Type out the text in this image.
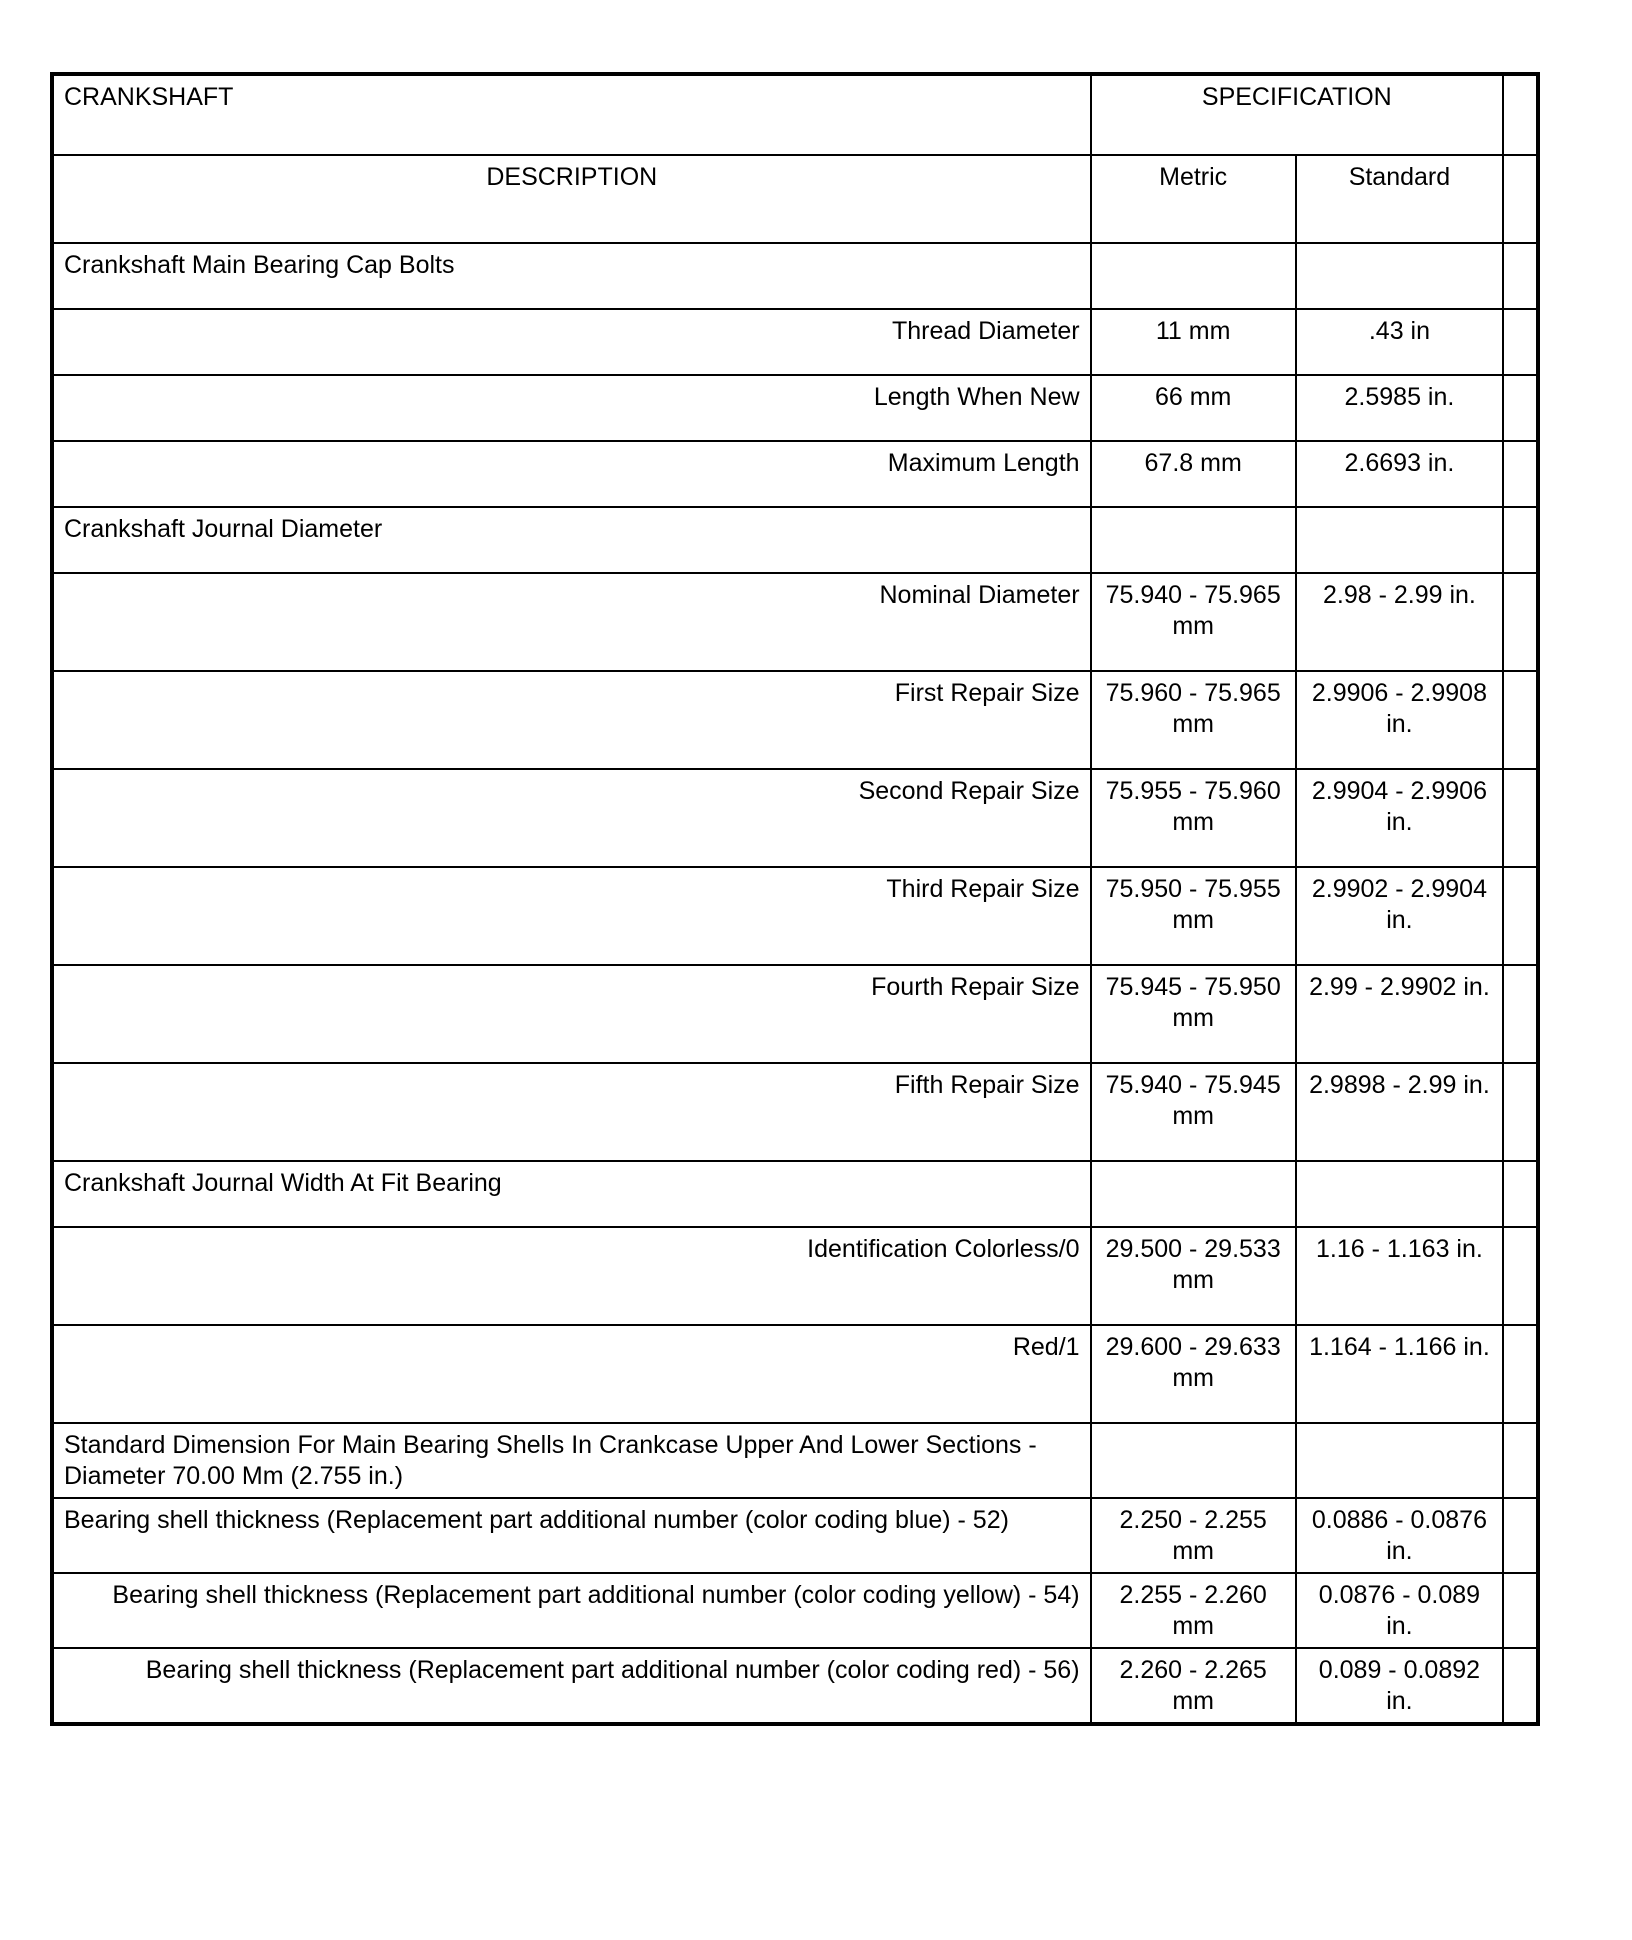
CRANKSHAFT	SPECIFICATION		
DESCRIPTION	Metric	Standard	
Crankshaft Main Bearing Cap Bolts			
Thread Diameter	11 mm	.43 in	
Length When New	66 mm	2.5985 in.	
Maximum Length	67.8 mm	2.6693 in.	
Crankshaft Journal Diameter			
Nominal Diameter	75.940 - 75.965 mm	2.98 - 2.99 in.	
First Repair Size	75.960 - 75.965 mm	2.9906 - 2.9908 in.	
Second Repair Size	75.955 - 75.960 mm	2.9904 - 2.9906 in.	
Third Repair Size	75.950 - 75.955 mm	2.9902 - 2.9904 in.	
Fourth Repair Size	75.945 - 75.950 mm	2.99 - 2.9902 in.	
Fifth Repair Size	75.940 - 75.945 mm	2.9898 - 2.99 in.	
Crankshaft Journal Width At Fit Bearing			
Identification Colorless/0	29.500 - 29.533 mm	1.16 - 1.163 in.	
Red/1	29.600 - 29.633 mm	1.164 - 1.166 in.	
Standard Dimension For Main Bearing Shells In Crankcase Upper And Lower Sections - Diameter 70.00 Mm (2.755 in.)			
Bearing shell thickness (Replacement part additional number (color coding blue) - 52)	2.250 - 2.255 mm	0.0886 - 0.0876 in.	
Bearing shell thickness (Replacement part additional number (color coding yellow) - 54)	2.255 - 2.260 mm	0.0876 - 0.089 in.	
Bearing shell thickness (Replacement part additional number (color coding red) - 56)	2.260 - 2.265 mm	0.089 - 0.0892 in.	
